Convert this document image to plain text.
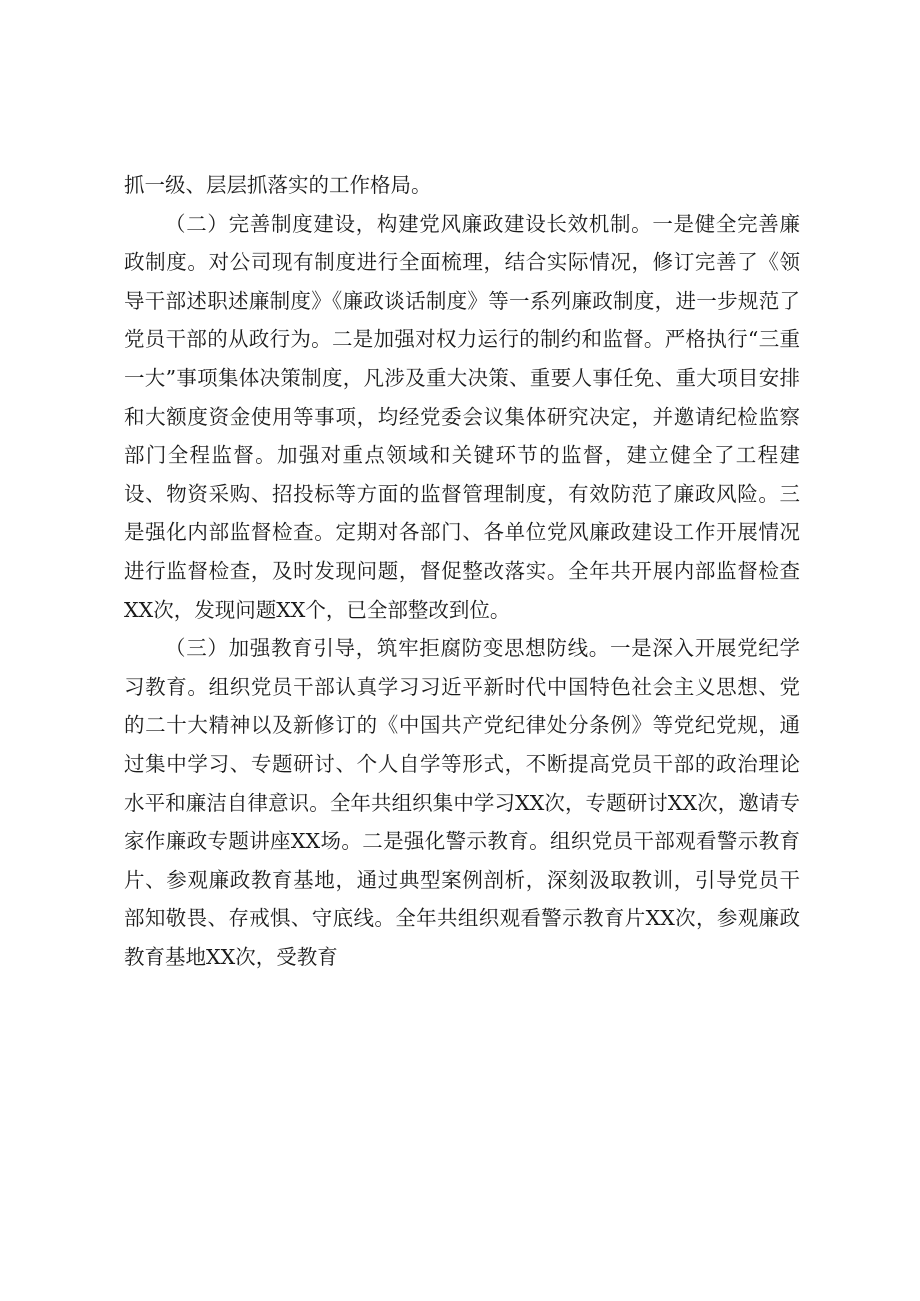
抓一级、层层抓落实的工作格局。

（二）完善制度建设，构建党风廉政建设长效机制。一是健全完善廉政制度。对公司现有制度进行全面梳理，结合实际情况，修订完善了《领导干部述职述廉制度》《廉政谈话制度》等一系列廉政制度，进一步规范了党员干部的从政行为。二是加强对权力运行的制约和监督。严格执行“三重一大”事项集体决策制度，凡涉及重大决策、重要人事任免、重大项目安排和大额度资金使用等事项，均经党委会议集体研究决定，并邀请纪检监察部门全程监督。加强对重点领域和关键环节的监督，建立健全了工程建设、物资采购、招投标等方面的监督管理制度，有效防范了廉政风险。三是强化内部监督检查。定期对各部门、各单位党风廉政建设工作开展情况进行监督检查，及时发现问题，督促整改落实。全年共开展内部监督检查XX次，发现问题XX个，已全部整改到位。

（三）加强教育引导，筑牢拒腐防变思想防线。一是深入开展党纪学习教育。组织党员干部认真学习习近平新时代中国特色社会主义思想、党的二十大精神以及新修订的《中国共产党纪律处分条例》等党纪党规，通过集中学习、专题研讨、个人自学等形式，不断提高党员干部的政治理论水平和廉洁自律意识。全年共组织集中学习XX次，专题研讨XX次，邀请专家作廉政专题讲座XX场。二是强化警示教育。组织党员干部观看警示教育片、参观廉政教育基地，通过典型案例剖析，深刻汲取教训，引导党员干部知敬畏、存戒惧、守底线。全年共组织观看警示教育片XX次，参观廉政教育基地XX次，受教育
